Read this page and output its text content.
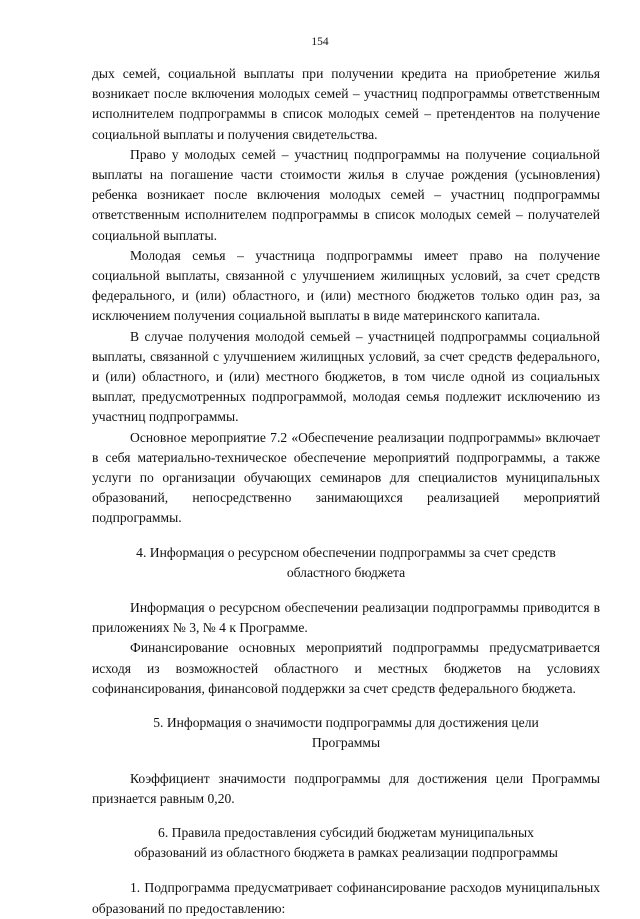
154

дых семей, социальной выплаты при получении кредита на приобретение жилья возникает после включения молодых семей – участниц подпрограммы ответственным исполнителем подпрограммы в список молодых семей – претендентов на получение социальной выплаты и получения свидетельства.

Право у молодых семей – участниц подпрограммы на получение социальной выплаты на погашение части стоимости жилья в случае рождения (усыновления) ребенка возникает после включения молодых семей – участниц подпрограммы ответственным исполнителем подпрограммы в список молодых семей – получателей социальной выплаты.

Молодая семья – участница подпрограммы имеет право на получение социальной выплаты, связанной с улучшением жилищных условий, за счет средств федерального, и (или) областного, и (или) местного бюджетов только один раз, за исключением получения социальной выплаты в виде материнского капитала.

В случае получения молодой семьей – участницей подпрограммы социальной выплаты, связанной с улучшением жилищных условий, за счет средств федерального, и (или) областного, и (или) местного бюджетов, в том числе одной из социальных выплат, предусмотренных подпрограммой, молодая семья подлежит исключению из участниц подпрограммы.

Основное мероприятие 7.2 «Обеспечение реализации подпрограммы» включает в себя материально-техническое обеспечение мероприятий подпрограммы, а также услуги по организации обучающих семинаров для специалистов муниципальных образований, непосредственно занимающихся реализацией мероприятий подпрограммы.

4. Информация о ресурсном обеспечении подпрограммы за счет средств областного бюджета

Информация о ресурсном обеспечении реализации подпрограммы приводится в приложениях № 3, № 4 к Программе.

Финансирование основных мероприятий подпрограммы предусматривается исходя из возможностей областного и местных бюджетов на условиях софинансирования, финансовой поддержки за счет средств федерального бюджета.

5. Информация о значимости подпрограммы для достижения цели Программы

Коэффициент значимости подпрограммы для достижения цели Программы признается равным 0,20.

6. Правила предоставления субсидий бюджетам муниципальных образований из областного бюджета в рамках реализации подпрограммы

1. Подпрограмма предусматривает софинансирование расходов муниципальных образований по предоставлению:
